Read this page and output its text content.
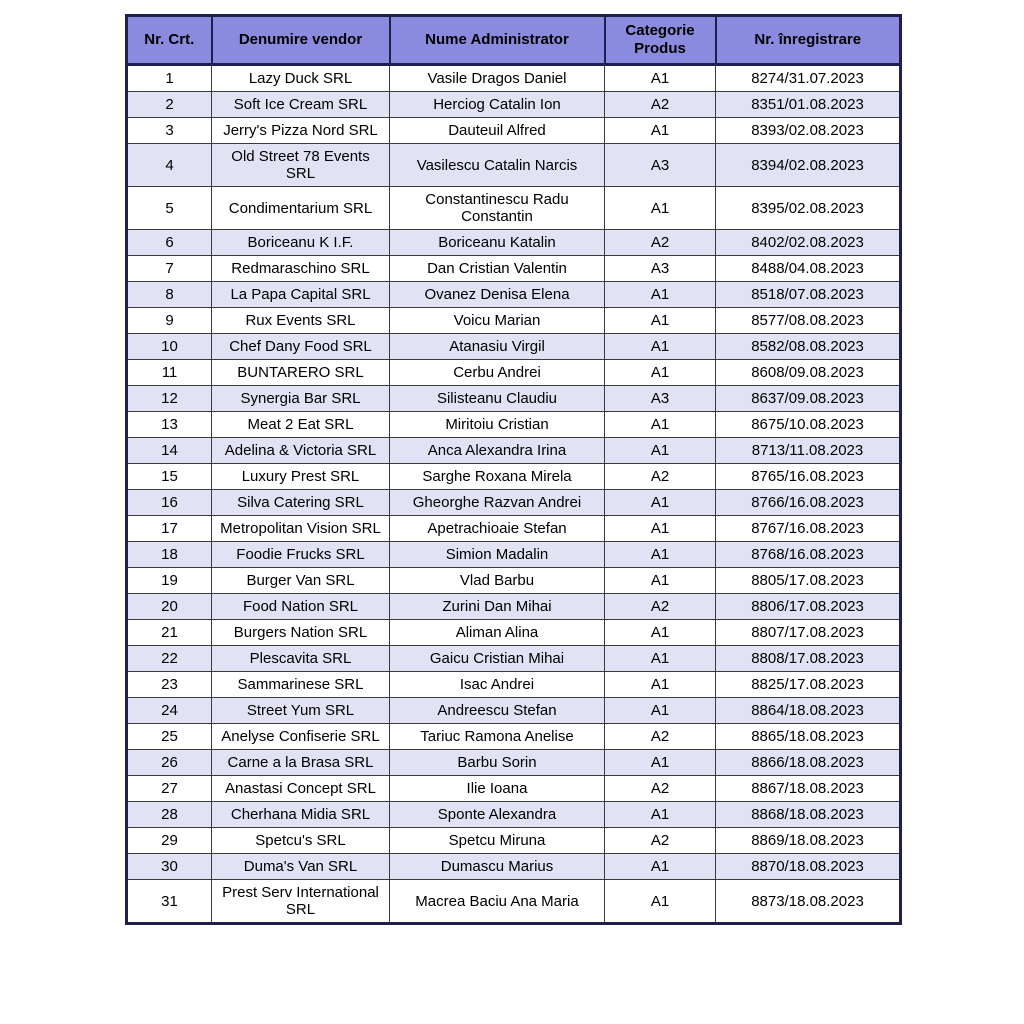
Nr. Crt.	Denumire vendor	Nume Administrator	Categorie Produs	Nr. înregistrare
1	Lazy Duck SRL	Vasile Dragos Daniel	A1	8274/31.07.2023
2	Soft Ice Cream SRL	Herciog Catalin Ion	A2	8351/01.08.2023
3	Jerry's Pizza Nord SRL	Dauteuil Alfred	A1	8393/02.08.2023
4	Old Street 78 Events SRL	Vasilescu Catalin Narcis	A3	8394/02.08.2023
5	Condimentarium SRL	Constantinescu Radu Constantin	A1	8395/02.08.2023
6	Boriceanu K I.F.	Boriceanu Katalin	A2	8402/02.08.2023
7	Redmaraschino SRL	Dan Cristian Valentin	A3	8488/04.08.2023
8	La Papa Capital SRL	Ovanez Denisa Elena	A1	8518/07.08.2023
9	Rux Events SRL	Voicu Marian	A1	8577/08.08.2023
10	Chef Dany Food SRL	Atanasiu Virgil	A1	8582/08.08.2023
11	BUNTARERO SRL	Cerbu Andrei	A1	8608/09.08.2023
12	Synergia Bar SRL	Silisteanu Claudiu	A3	8637/09.08.2023
13	Meat 2 Eat SRL	Miritoiu Cristian	A1	8675/10.08.2023
14	Adelina & Victoria SRL	Anca Alexandra Irina	A1	8713/11.08.2023
15	Luxury Prest SRL	Sarghe Roxana Mirela	A2	8765/16.08.2023
16	Silva Catering SRL	Gheorghe Razvan Andrei	A1	8766/16.08.2023
17	Metropolitan Vision SRL	Apetrachioaie Stefan	A1	8767/16.08.2023
18	Foodie Frucks SRL	Simion Madalin	A1	8768/16.08.2023
19	Burger Van SRL	Vlad Barbu	A1	8805/17.08.2023
20	Food Nation SRL	Zurini Dan Mihai	A2	8806/17.08.2023
21	Burgers Nation SRL	Aliman Alina	A1	8807/17.08.2023
22	Plescavita SRL	Gaicu Cristian Mihai	A1	8808/17.08.2023
23	Sammarinese SRL	Isac Andrei	A1	8825/17.08.2023
24	Street Yum SRL	Andreescu Stefan	A1	8864/18.08.2023
25	Anelyse Confiserie SRL	Tariuc Ramona Anelise	A2	8865/18.08.2023
26	Carne a la Brasa SRL	Barbu Sorin	A1	8866/18.08.2023
27	Anastasi Concept SRL	Ilie Ioana	A2	8867/18.08.2023
28	Cherhana Midia SRL	Sponte Alexandra	A1	8868/18.08.2023
29	Spetcu's SRL	Spetcu Miruna	A2	8869/18.08.2023
30	Duma's Van SRL	Dumascu Marius	A1	8870/18.08.2023
31	Prest Serv International SRL	Macrea Baciu Ana Maria	A1	8873/18.08.2023
